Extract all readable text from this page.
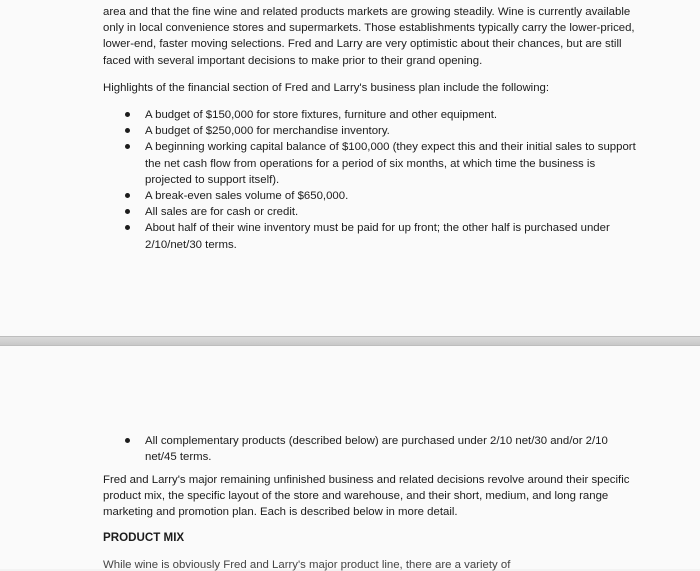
area and that the fine wine and related products markets are growing steadily. Wine is currently available only in local convenience stores and supermarkets. Those establishments typically carry the lower-priced, lower-end, faster moving selections. Fred and Larry are very optimistic about their chances, but are still faced with several important decisions to make prior to their grand opening.

Highlights of the financial section of Fred and Larry's business plan include the following:

A budget of $150,000 for store fixtures, furniture and other equipment.
A budget of $250,000 for merchandise inventory.
A beginning working capital balance of $100,000 (they expect this and their initial sales to support the net cash flow from operations for a period of six months, at which time the business is projected to support itself).
A break-even sales volume of $650,000.
All sales are for cash or credit.
About half of their wine inventory must be paid for up front; the other half is purchased under 2/10/net/30 terms.
All complementary products (described below) are purchased under 2/10 net/30 and/or 2/10 net/45 terms.

Fred and Larry's major remaining unfinished business and related decisions revolve around their specific product mix, the specific layout of the store and warehouse, and their short, medium, and long range marketing and promotion plan. Each is described below in more detail.

PRODUCT MIX

While wine is obviously Fred and Larry's major product line, there are a variety of
